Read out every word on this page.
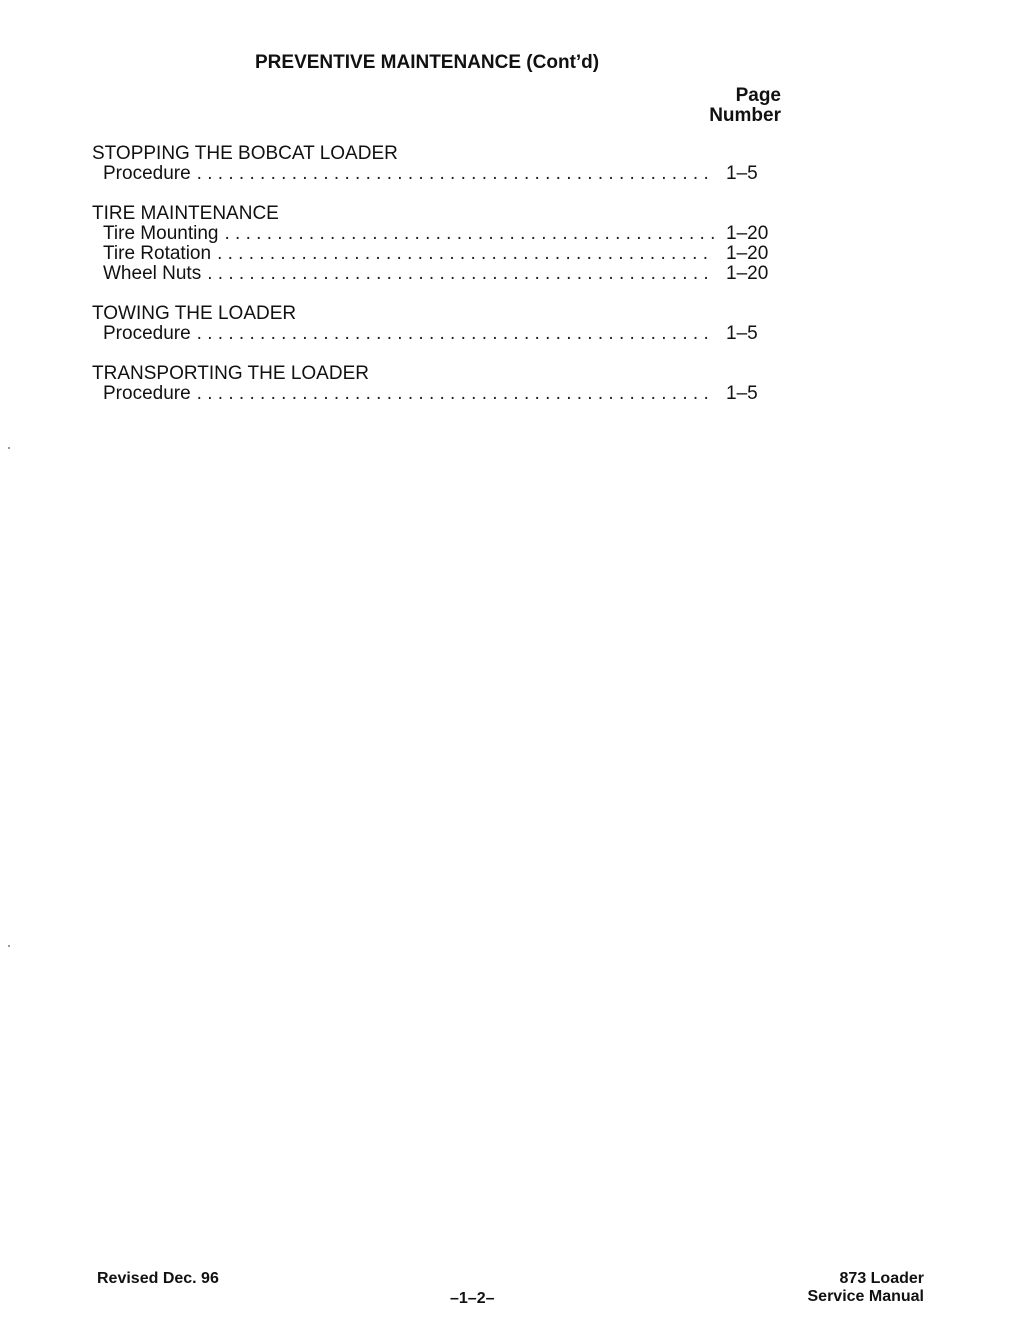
PREVENTIVE MAINTENANCE (Cont’d)
Page
Number
STOPPING THE BOBCAT LOADER
Procedure . . .	1–5
TIRE MAINTENANCE
Tire Mounting . . .	1–20
Tire Rotation . . .	1–20
Wheel Nuts . . .	1–20
TOWING THE LOADER
Procedure . . .	1–5
TRANSPORTING THE LOADER
Procedure . . .	1–5
Revised Dec. 96
–1–2–
873 Loader
Service Manual
